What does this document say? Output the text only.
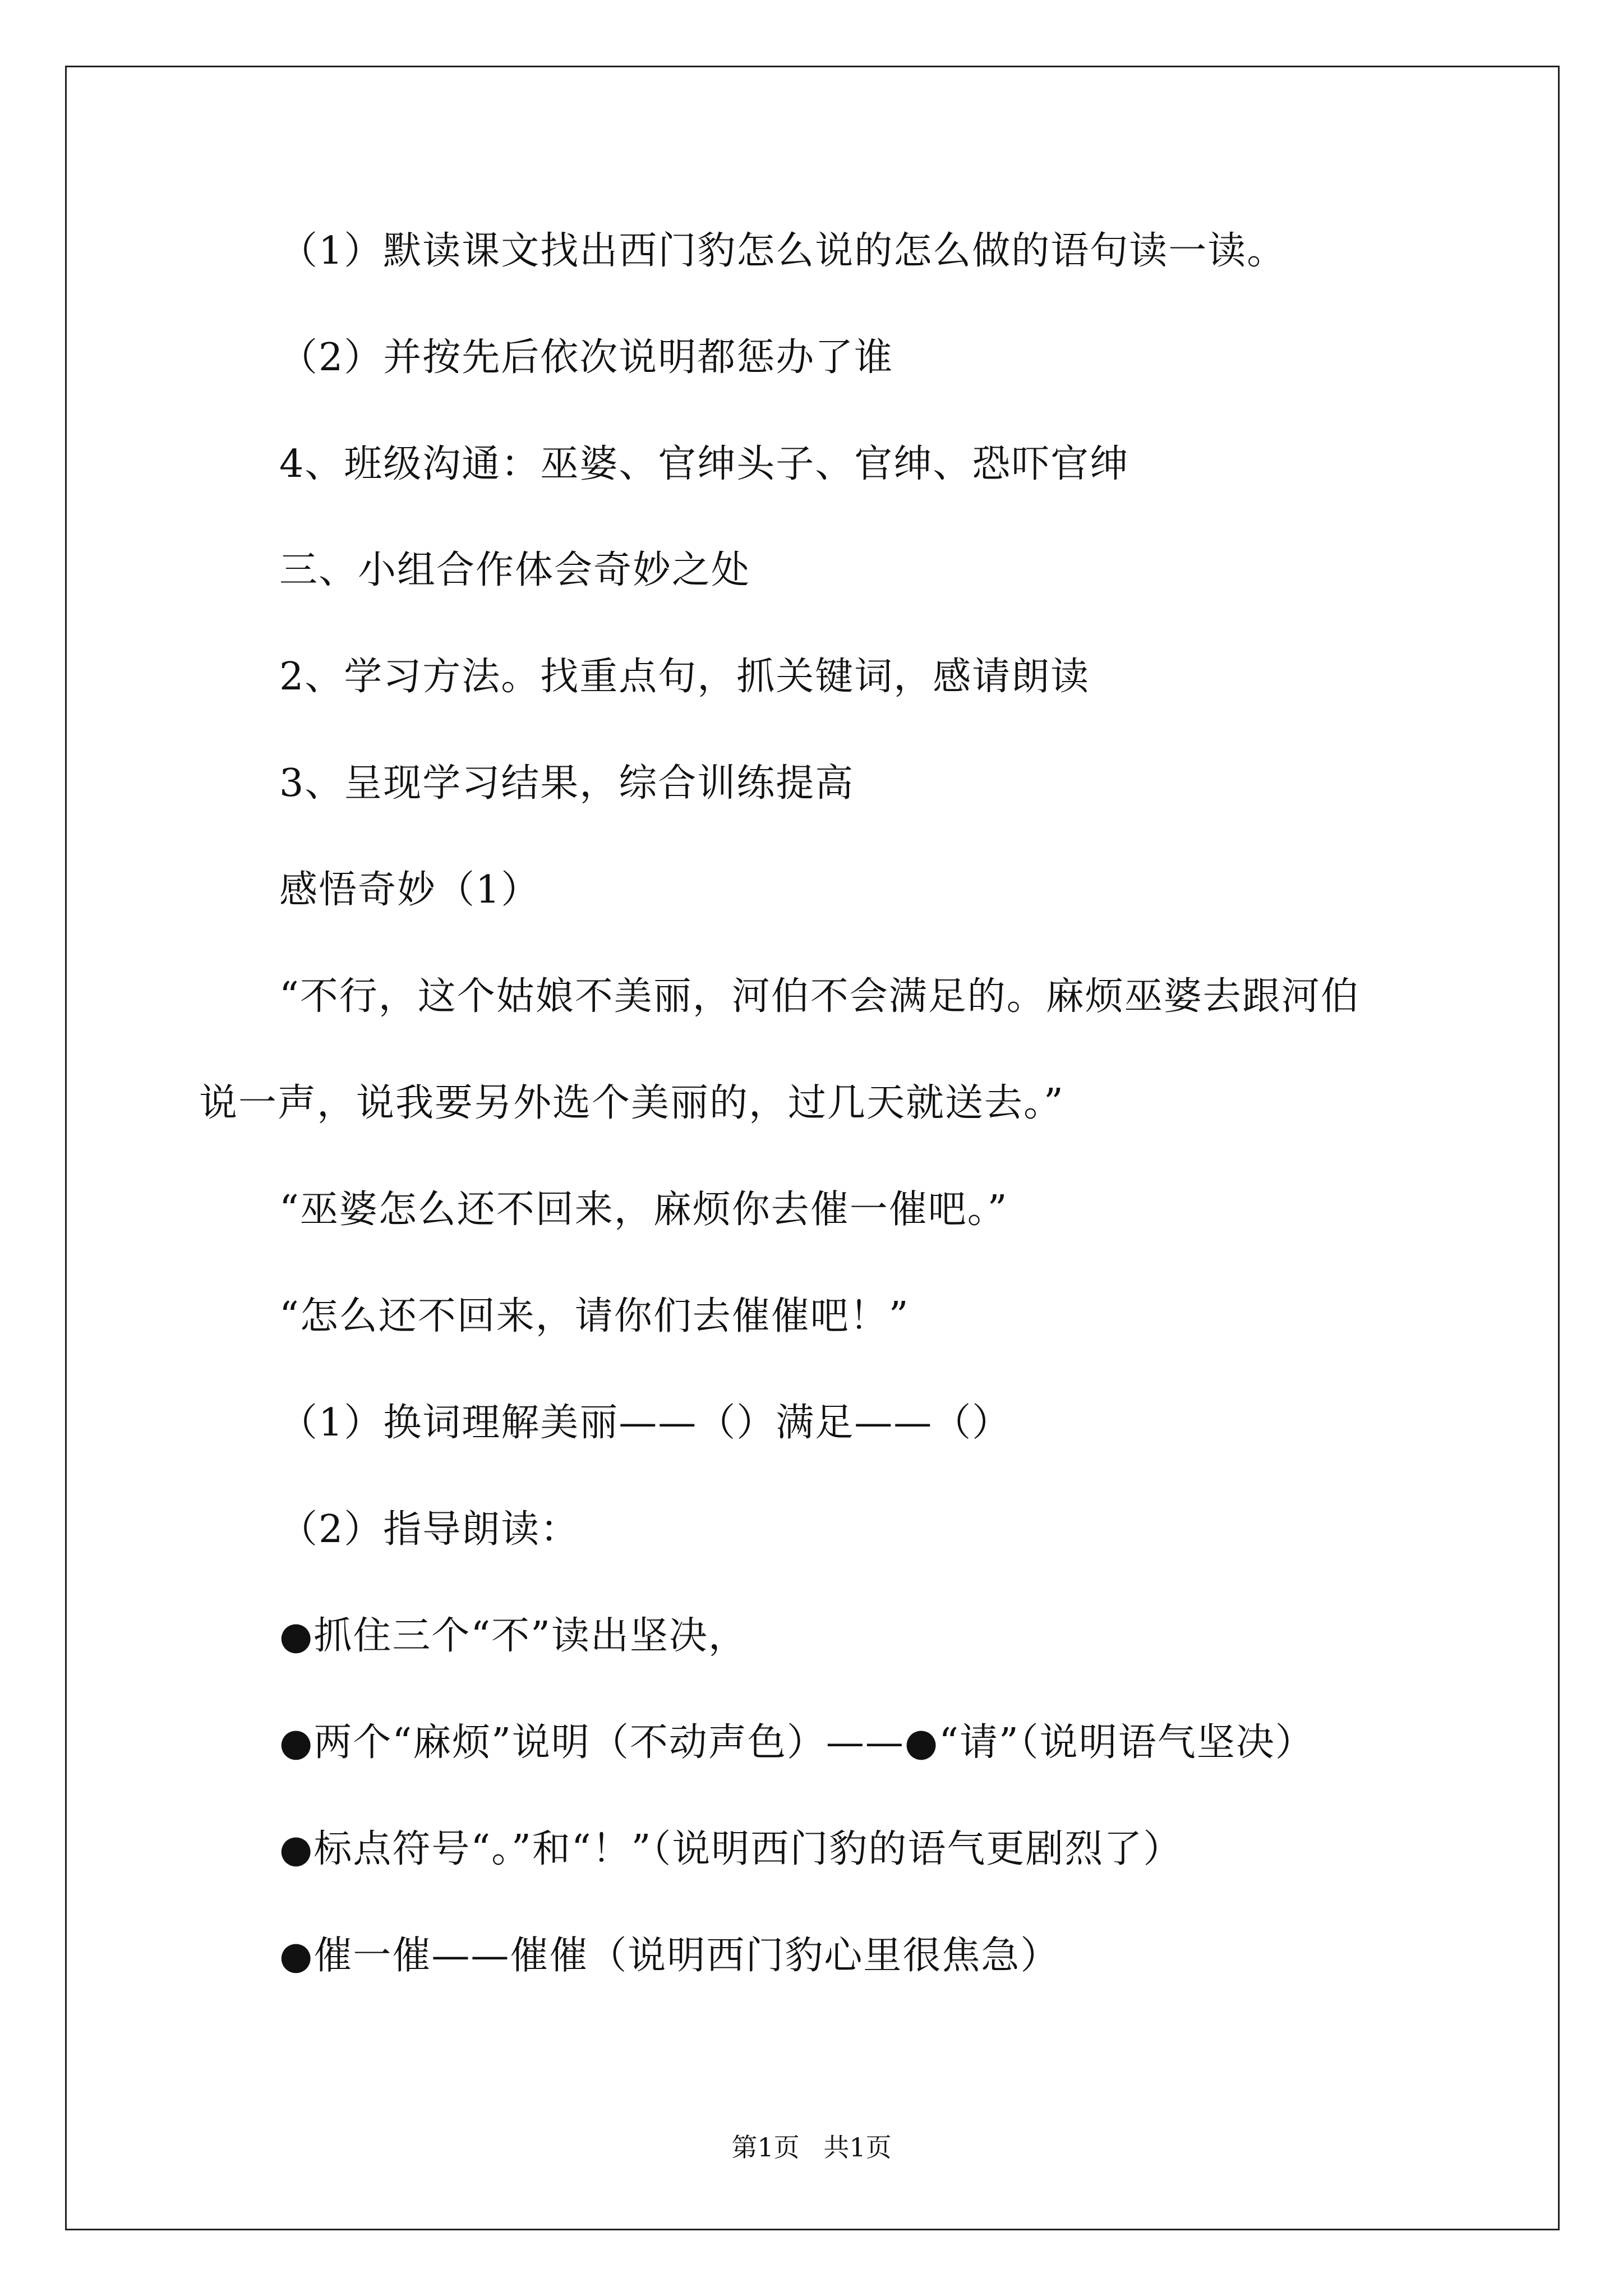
（1）默读课文找出西门豹怎么说的怎么做的语句读一读。
（2）并按先后依次说明都惩办了谁
4、班级沟通：巫婆、官绅头子、官绅、恐吓官绅
三、小组合作体会奇妙之处
2、学习方法。找重点句，抓关键词，感请朗读
3、呈现学习结果，综合训练提高
感悟奇妙（1）
“不行，这个姑娘不美丽，河伯不会满足的。麻烦巫婆去跟河伯
说一声，说我要另外选个美丽的，过几天就送去。”
“巫婆怎么还不回来，麻烦你去催一催吧。”
“怎么还不回来，请你们去催催吧！”
（1）换词理解美丽——（）满足——（）
（2）指导朗读：
●抓住三个“不”读出坚决，
●两个“麻烦”说明（不动声色）——●“请”（说明语气坚决）
●标点符号“。”和“！”（说明西门豹的语气更剧烈了）
●催一催——催催（说明西门豹心里很焦急）
第1页 共1页
